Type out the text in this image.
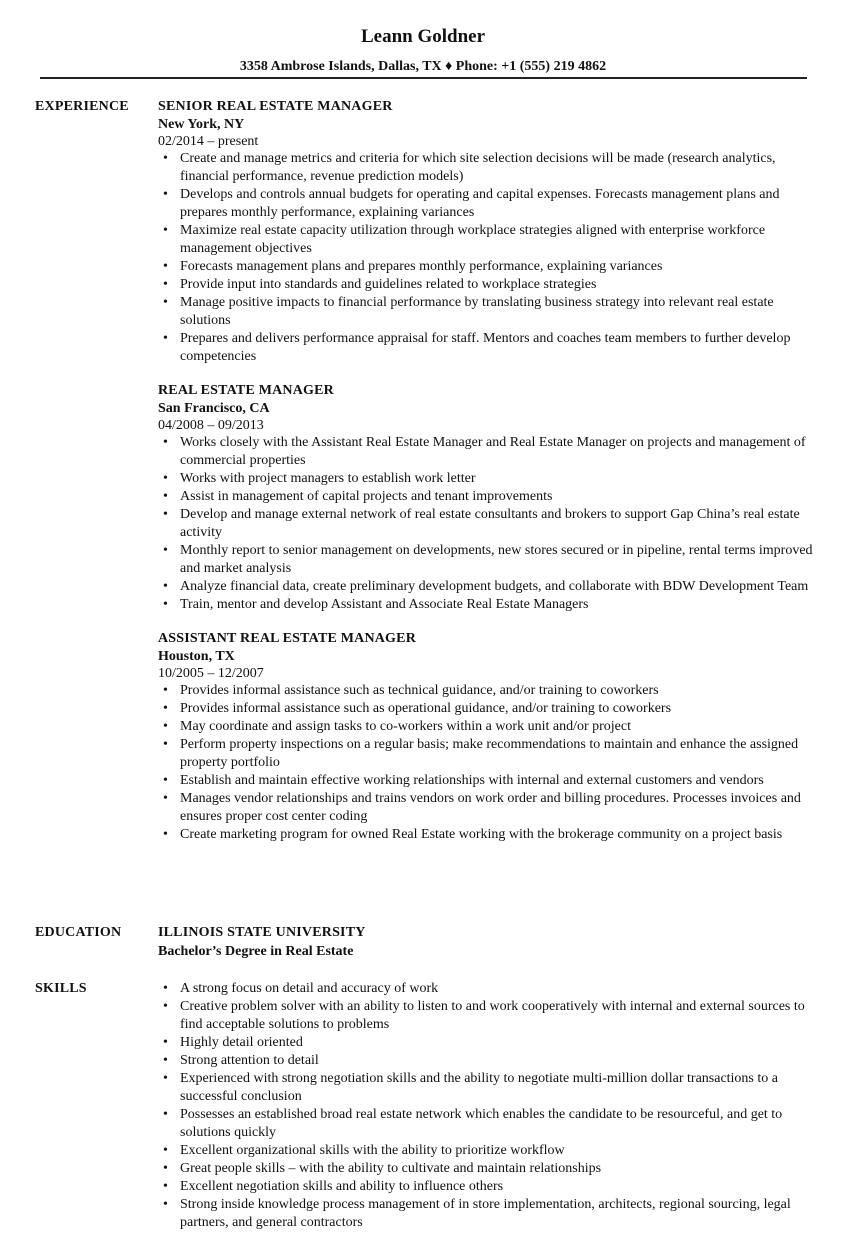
Leann Goldner
3358 Ambrose Islands, Dallas, TX ♦ Phone: +1 (555) 219 4862
EXPERIENCE	SENIOR REAL ESTATE MANAGER
New York, NY
02/2014 – present
• Create and manage metrics and criteria for which site selection decisions will be made (research analytics, financial performance, revenue prediction models)
• Develops and controls annual budgets for operating and capital expenses. Forecasts management plans and prepares monthly performance, explaining variances
• Maximize real estate capacity utilization through workplace strategies aligned with enterprise workforce management objectives
• Forecasts management plans and prepares monthly performance, explaining variances
• Provide input into standards and guidelines related to workplace strategies
• Manage positive impacts to financial performance by translating business strategy into relevant real estate solutions
• Prepares and delivers performance appraisal for staff. Mentors and coaches team members to further develop competencies
REAL ESTATE MANAGER
San Francisco, CA
04/2008 – 09/2013
• Works closely with the Assistant Real Estate Manager and Real Estate Manager on projects and management of commercial properties
• Works with project managers to establish work letter
• Assist in management of capital projects and tenant improvements
• Develop and manage external network of real estate consultants and brokers to support Gap China’s real estate activity
• Monthly report to senior management on developments, new stores secured or in pipeline, rental terms improved and market analysis
• Analyze financial data, create preliminary development budgets, and collaborate with BDW Development Team
• Train, mentor and develop Assistant and Associate Real Estate Managers
ASSISTANT REAL ESTATE MANAGER
Houston, TX
10/2005 – 12/2007
• Provides informal assistance such as technical guidance, and/or training to coworkers
• Provides informal assistance such as operational guidance, and/or training to coworkers
• May coordinate and assign tasks to co-workers within a work unit and/or project
• Perform property inspections on a regular basis; make recommendations to maintain and enhance the assigned property portfolio
• Establish and maintain effective working relationships with internal and external customers and vendors
• Manages vendor relationships and trains vendors on work order and billing procedures. Processes invoices and ensures proper cost center coding
• Create marketing program for owned Real Estate working with the brokerage community on a project basis
EDUCATION	ILLINOIS STATE UNIVERSITY
Bachelor’s Degree in Real Estate
SKILLS	• A strong focus on detail and accuracy of work
• Creative problem solver with an ability to listen to and work cooperatively with internal and external sources to find acceptable solutions to problems
• Highly detail oriented
• Strong attention to detail
• Experienced with strong negotiation skills and the ability to negotiate multi-million dollar transactions to a successful conclusion
• Possesses an established broad real estate network which enables the candidate to be resourceful, and get to solutions quickly
• Excellent organizational skills with the ability to prioritize workflow
• Great people skills – with the ability to cultivate and maintain relationships
• Excellent negotiation skills and ability to influence others
• Strong inside knowledge process management of in store implementation, architects, regional sourcing, legal partners, and general contractors
